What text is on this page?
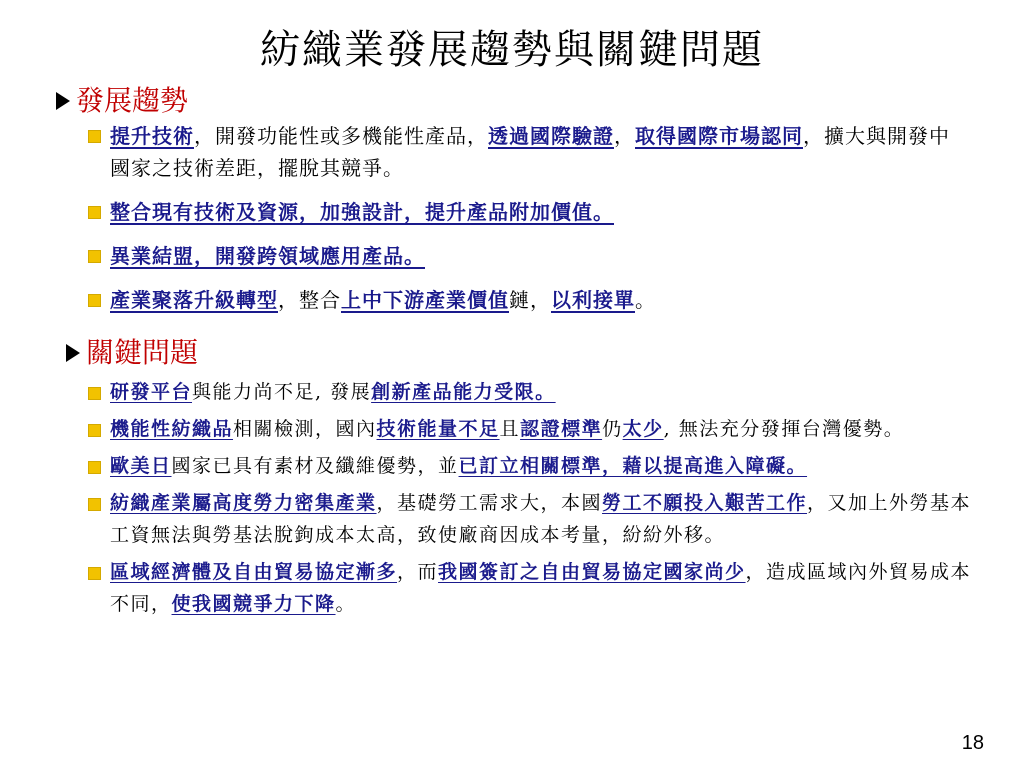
紡織業發展趨勢與關鍵問題
發展趨勢
提升技術，開發功能性或多機能性產品，透過國際驗證，取得國際市場認同，擴大與開發中國家之技術差距，擺脫其競爭。
整合現有技術及資源，加強設計，提升產品附加價值。
異業結盟，開發跨領域應用產品。
產業聚落升級轉型，整合上中下游產業價值鏈，以利接單。
關鍵問題
研發平台與能力尚不足, 發展創新產品能力受限。
機能性紡織品相關檢測，國內技術能量不足且認證標準仍太少, 無法充分發揮台灣優勢。
歐美日國家已具有素材及纖維優勢，並已訂立相關標準，藉以提高進入障礙。
紡織產業屬高度勞力密集產業，基礎勞工需求大，本國勞工不願投入艱苦工作，又加上外勞基本工資無法與勞基法脫鉤成本太高，致使廠商因成本考量，紛紛外移。
區域經濟體及自由貿易協定漸多，而我國簽訂之自由貿易協定國家尚少，造成區域內外貿易成本不同，使我國競爭力下降。
18
